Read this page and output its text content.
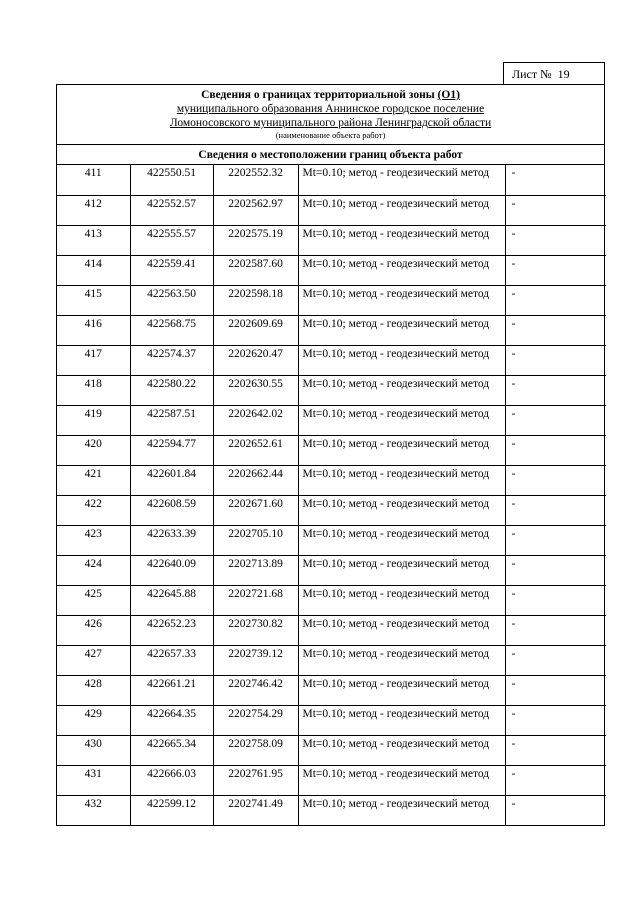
Лист № 19
Сведения о границах территориальной зоны (О1)
муниципального образования Аннинское городское поселение
Ломоносовского муниципального района Ленинградской области
(наименование объекта работ)
Сведения о местоположении границ объекта работ
411	422550.51	2202552.32	Mt=0.10; метод - геодезический метод	-
412	422552.57	2202562.97	Mt=0.10; метод - геодезический метод	-
413	422555.57	2202575.19	Mt=0.10; метод - геодезический метод	-
414	422559.41	2202587.60	Mt=0.10; метод - геодезический метод	-
415	422563.50	2202598.18	Mt=0.10; метод - геодезический метод	-
416	422568.75	2202609.69	Mt=0.10; метод - геодезический метод	-
417	422574.37	2202620.47	Mt=0.10; метод - геодезический метод	-
418	422580.22	2202630.55	Mt=0.10; метод - геодезический метод	-
419	422587.51	2202642.02	Mt=0.10; метод - геодезический метод	-
420	422594.77	2202652.61	Mt=0.10; метод - геодезический метод	-
421	422601.84	2202662.44	Mt=0.10; метод - геодезический метод	-
422	422608.59	2202671.60	Mt=0.10; метод - геодезический метод	-
423	422633.39	2202705.10	Mt=0.10; метод - геодезический метод	-
424	422640.09	2202713.89	Mt=0.10; метод - геодезический метод	-
425	422645.88	2202721.68	Mt=0.10; метод - геодезический метод	-
426	422652.23	2202730.82	Mt=0.10; метод - геодезический метод	-
427	422657.33	2202739.12	Mt=0.10; метод - геодезический метод	-
428	422661.21	2202746.42	Mt=0.10; метод - геодезический метод	-
429	422664.35	2202754.29	Mt=0.10; метод - геодезический метод	-
430	422665.34	2202758.09	Mt=0.10; метод - геодезический метод	-
431	422666.03	2202761.95	Mt=0.10; метод - геодезический метод	-
432	422599.12	2202741.49	Mt=0.10; метод - геодезический метод	-
